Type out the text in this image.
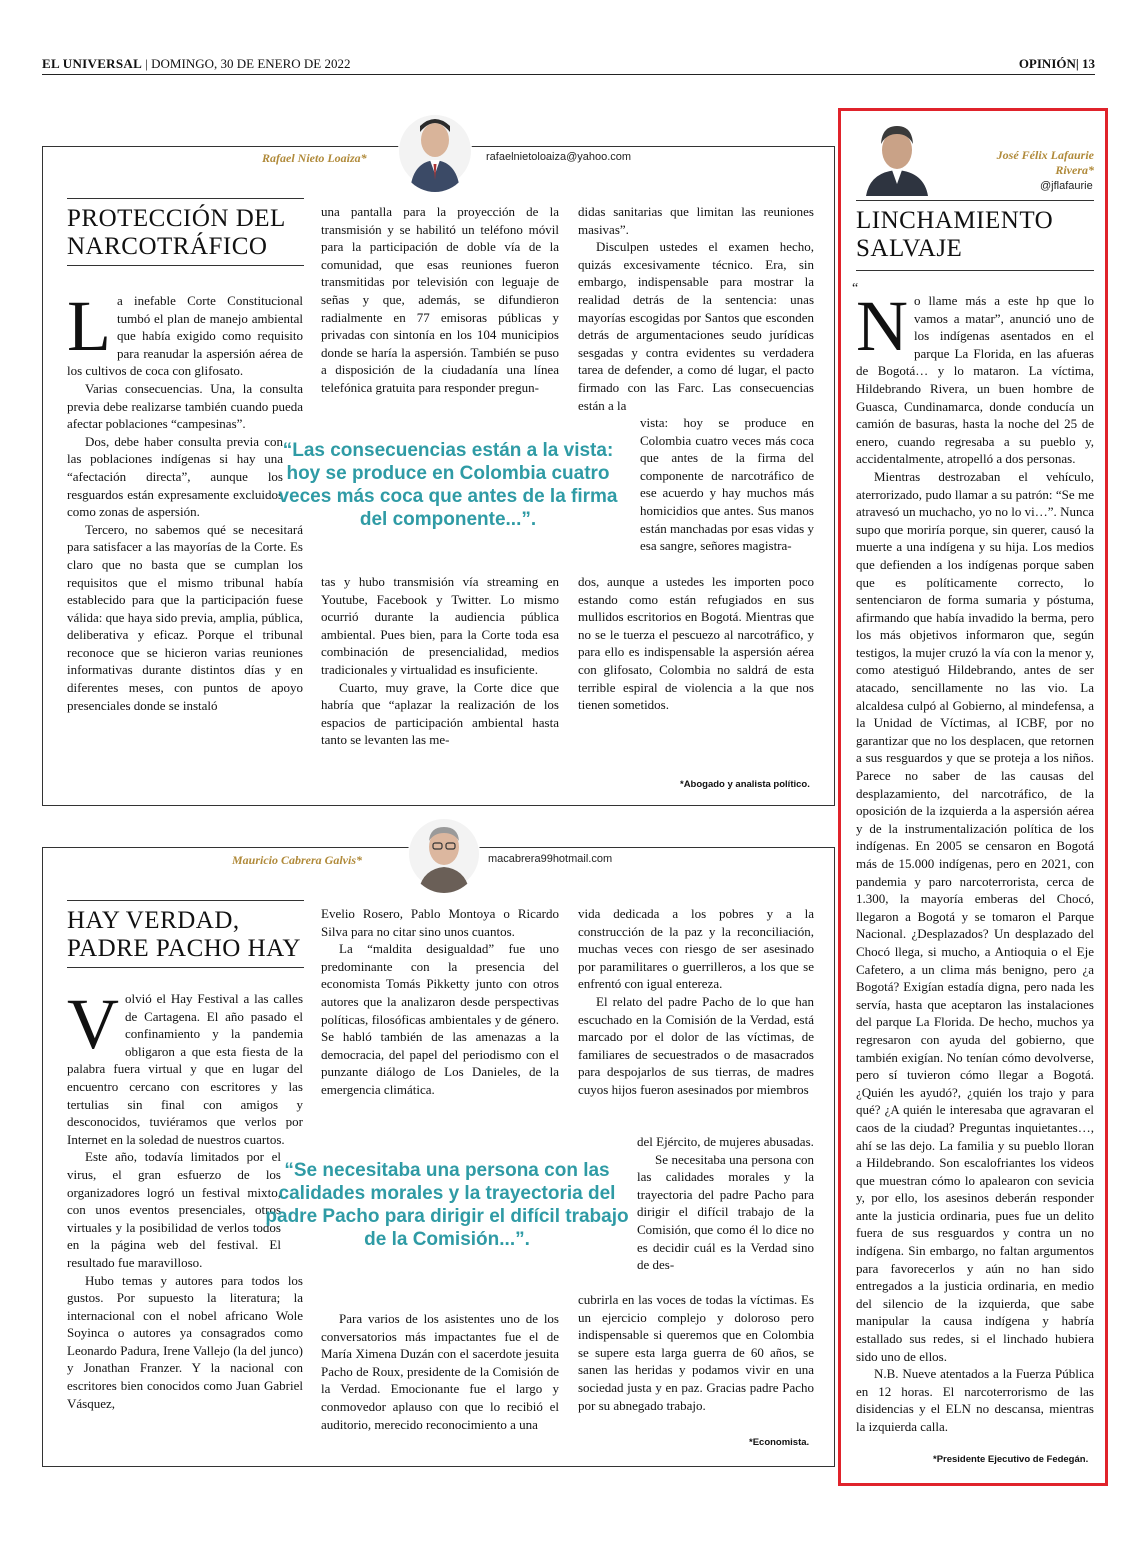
EL UNIVERSAL | DOMINGO, 30 DE ENERO DE 2022	OPINIÓN| 13
Rafael Nieto Loaiza*	rafaelnietoloaiza@yahoo.com
PROTECCIÓN DEL NARCOTRÁFICO

La inefable Corte Constitucional tumbó el plan de manejo ambiental que había exigido como requisito para reanudar la aspersión aérea de los cultivos de coca con glifosato.

Varias consecuencias. Una, la consulta previa debe realizarse también cuando pueda afectar poblaciones “campesinas”.

Dos, debe haber consulta previa con las poblaciones indígenas si hay una “afectación directa”, aunque los resguardos están expresamente excluidos como zonas de aspersión.

Tercero, no sabemos qué se necesitará para satisfacer a las mayorías de la Corte. Es claro que no basta que se cumplan los requisitos que el mismo tribunal había establecido para que la participación fuese válida: que haya sido previa, amplia, pública, deliberativa y eficaz. Porque el tribunal reconoce que se hicieron varias reuniones informativas durante distintos días y en diferentes meses, con puntos de apoyo presenciales donde se instaló

una pantalla para la proyección de la transmisión y se habilitó un teléfono móvil para la participación de doble vía de la comunidad, que esas reuniones fueron transmitidas por televisión con leguaje de señas y que, además, se difundieron radialmente en 77 emisoras públicas y privadas con sintonía en los 104 municipios donde se haría la aspersión. También se puso a disposición de la ciudadanía una línea telefónica gratuita para responder pregun-

tas y hubo transmisión vía streaming en Youtube, Facebook y Twitter. Lo mismo ocurrió durante la audiencia pública ambiental. Pues bien, para la Corte toda esa combinación de presencialidad, medios tradicionales y virtualidad es insuficiente.

Cuarto, muy grave, la Corte dice que habría que “aplazar la realización de los espacios de participación ambiental hasta tanto se levanten las me-

didas sanitarias que limitan las reuniones masivas”.

Disculpen ustedes el examen hecho, quizás excesivamente técnico. Era, sin embargo, indispensable para mostrar la realidad detrás de la sentencia: unas mayorías escogidas por Santos que esconden detrás de argumentaciones seudo jurídicas sesgadas y contra evidentes su verdadera tarea de defender, a como dé lugar, el pacto firmado con las Farc. Las consecuencias están a la

vista: hoy se produce en Colombia cuatro veces más coca que antes de la firma del componente de narcotráfico de ese acuerdo y hay muchos más homicidios que antes. Sus manos están manchadas por esas vidas y esa sangre, señores magistra-

dos, aunque a ustedes les importen poco estando como están refugiados en sus mullidos escritorios en Bogotá. Mientras que no se le tuerza el pescuezo al narcotráfico, y para ello es indispensable la aspersión aérea con glifosato, Colombia no saldrá de esta terrible espiral de violencia a la que nos tienen sometidos.

“Las consecuencias están a la vista: hoy se produce en Colombia cuatro veces más coca que antes de la firma del componente...”.
*Abogado y analista político.
Mauricio Cabrera Galvis*	macabrera99hotmail.com
HAY VERDAD, PADRE PACHO HAY

Volvió el Hay Festival a las calles de Cartagena. El año pasado el confinamiento y la pandemia obligaron a que esta fiesta de la palabra fuera virtual y que en lugar del encuentro cercano con escritores y las tertulias sin final con amigos y desconocidos, tuviéramos que verlos por Internet en la soledad de nuestros cuartos.

Este año, todavía limitados por el virus, el gran esfuerzo de los organizadores logró un festival mixto, con unos eventos presenciales, otros virtuales y la posibilidad de verlos todos en la página web del festival. El resultado fue maravilloso.

Hubo temas y autores para todos los gustos. Por supuesto la literatura; la internacional con el nobel africano Wole Soyinca o autores ya consagrados como Leonardo Padura, Irene Vallejo (la del junco) y Jonathan Franzer. Y la nacional con escritores bien conocidos como Juan Gabriel Vásquez,

Evelio Rosero, Pablo Montoya o Ricardo Silva para no citar sino unos cuantos.

La “maldita desigualdad” fue uno predominante con la presencia del economista Tomás Pikketty junto con otros autores que la analizaron desde perspectivas políticas, filosóficas ambientales y de género. Se habló también de las amenazas a la democracia, del papel del periodismo con el punzante diálogo de Los Danieles, de la emergencia climática.

Para varios de los asistentes uno de los conversatorios más impactantes fue el de María Ximena Duzán con el sacerdote jesuita Pacho de Roux, presidente de la Comisión de la Verdad. Emocionante fue el largo y conmovedor aplauso con que lo recibió el auditorio, merecido reconocimiento a una

vida dedicada a los pobres y a la construcción de la paz y la reconciliación, muchas veces con riesgo de ser asesinado por paramilitares o guerrilleros, a los que se enfrentó con igual entereza.

El relato del padre Pacho de lo que han escuchado en la Comisión de la Verdad, está marcado por el dolor de las víctimas, de familiares de secuestrados o de masacrados para despojarlos de sus tierras, de madres cuyos hijos fueron asesinados por miembros

del Ejército, de mujeres abusadas.

Se necesitaba una persona con las calidades morales y la trayectoria del padre Pacho para dirigir el difícil trabajo de la Comisión, que como él lo dice no es decidir cuál es la Verdad sino de des-

cubrirla en las voces de todas la víctimas. Es un ejercicio complejo y doloroso pero indispensable si queremos que en Colombia se supere esta larga guerra de 60 años, se sanen las heridas y podamos vivir en una sociedad justa y en paz. Gracias padre Pacho por su abnegado trabajo.

“Se necesitaba una persona con las calidades morales y la trayectoria del padre Pacho para dirigir el difícil trabajo de la Comisión...”.
*Economista.
José Félix Lafaurie Rivera*
@jflafaurie
LINCHAMIENTO SALVAJE
“

No llame más a este hp que lo vamos a matar”, anunció uno de los indígenas asentados en el parque La Florida, en las afueras de Bogotá… y lo mataron. La víctima, Hildebrando Rivera, un buen hombre de Guasca, Cundinamarca, donde conducía un camión de basuras, hasta la noche del 25 de enero, cuando regresaba a su pueblo y, accidentalmente, atropelló a dos personas.

Mientras destrozaban el vehículo, aterrorizado, pudo llamar a su patrón: “Se me atravesó un muchacho, yo no lo vi…”. Nunca supo que moriría porque, sin querer, causó la muerte a una indígena y su hija. Los medios que defienden a los indígenas porque saben que es políticamente correcto, lo sentenciaron de forma sumaria y póstuma, afirmando que había invadido la berma, pero los más objetivos informaron que, según testigos, la mujer cruzó la vía con la menor y, como atestiguó Hildebrando, antes de ser atacado, sencillamente no las vio. La alcaldesa culpó al Gobierno, al mindefensa, a la Unidad de Víctimas, al ICBF, por no garantizar que no los desplacen, que retornen a sus resguardos y que se proteja a los niños. Parece no saber de las causas del desplazamiento, del narcotráfico, de la oposición de la izquierda a la aspersión aérea y de la instrumentalización política de los indígenas. En 2005 se censaron en Bogotá más de 15.000 indígenas, pero en 2021, con pandemia y paro narcoterrorista, cerca de 1.300, la mayoría emberas del Chocó, llegaron a Bogotá y se tomaron el Parque Nacional. ¿Desplazados? Un desplazado del Chocó llega, si mucho, a Antioquia o el Eje Cafetero, a un clima más benigno, pero ¿a Bogotá? Exigían estadía digna, pero nada les servía, hasta que aceptaron las instalaciones del parque La Florida. De hecho, muchos ya regresaron con ayuda del gobierno, que también exigían. No tenían cómo devolverse, pero sí tuvieron cómo llegar a Bogotá. ¿Quién les ayudó?, ¿quién los trajo y para qué? ¿A quién le interesaba que agravaran el caos de la ciudad? Preguntas inquietantes…, ahí se las dejo. La familia y su pueblo lloran a Hildebrando. Son escalofriantes los videos que muestran cómo lo apalearon con sevicia y, por ello, los asesinos deberán responder ante la justicia ordinaria, pues fue un delito fuera de sus resguardos y contra un no indígena. Sin embargo, no faltan argumentos para favorecerlos y aún no han sido entregados a la justicia ordinaria, en medio del silencio de la izquierda, que sabe manipular la causa indígena y habría estallado sus redes, si el linchado hubiera sido uno de ellos.

N.B. Nueve atentados a la Fuerza Pública en 12 horas. El narcoterrorismo de las disidencias y el ELN no descansa, mientras la izquierda calla.

*Presidente Ejecutivo de Fedegán.
